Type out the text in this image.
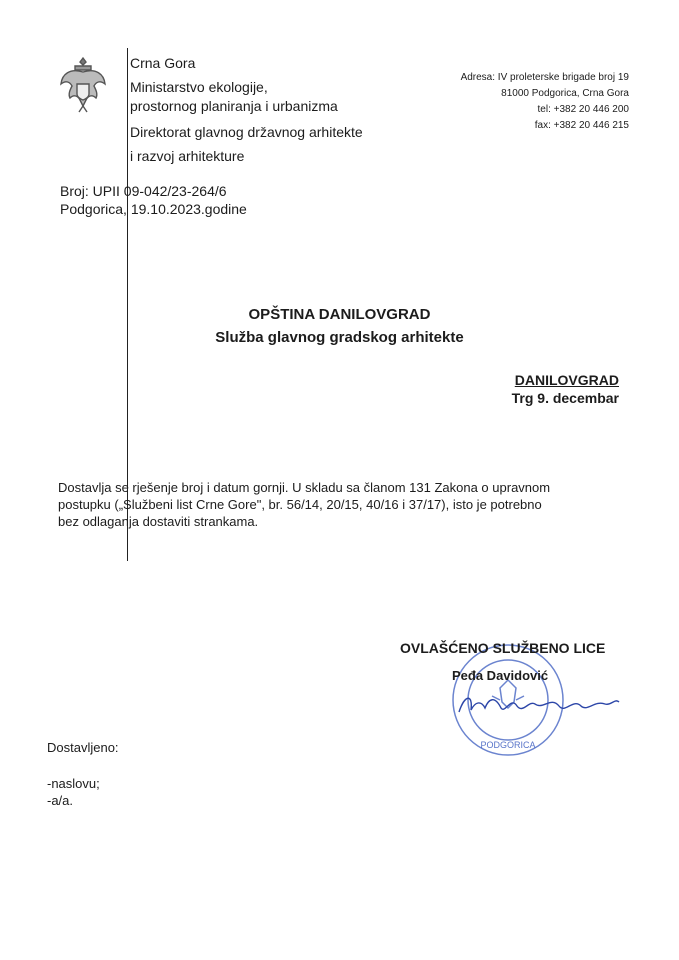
Crna Gora
Ministarstvo ekologije,
prostornog planiranja i urbanizma
Direktorat glavnog državnog arhitekte
i razvoj arhitekture
Adresa: IV proleterske brigade broj 19
81000 Podgorica, Crna Gora
tel: +382 20 446 200
fax: +382 20 446 215
Broj: UPII 09-042/23-264/6
Podgorica, 19.10.2023.godine
OPŠTINA DANILOVGRAD
Služba glavnog gradskog arhitekte
DANILOVGRAD
Trg 9. decembar
Dostavlja se rješenje broj i datum gornji. U skladu sa članom 131 Zakona o upravnom
postupku („Službeni list Crne Gore", br. 56/14, 20/15, 40/16 i 37/17), isto je potrebno
bez odlaganja dostaviti strankama.
PODGORICA
OVLAŠĆENO SLUŽBENO LICE
Peđa Davidović
Dostavljeno:
-naslovu;
-a/a.
